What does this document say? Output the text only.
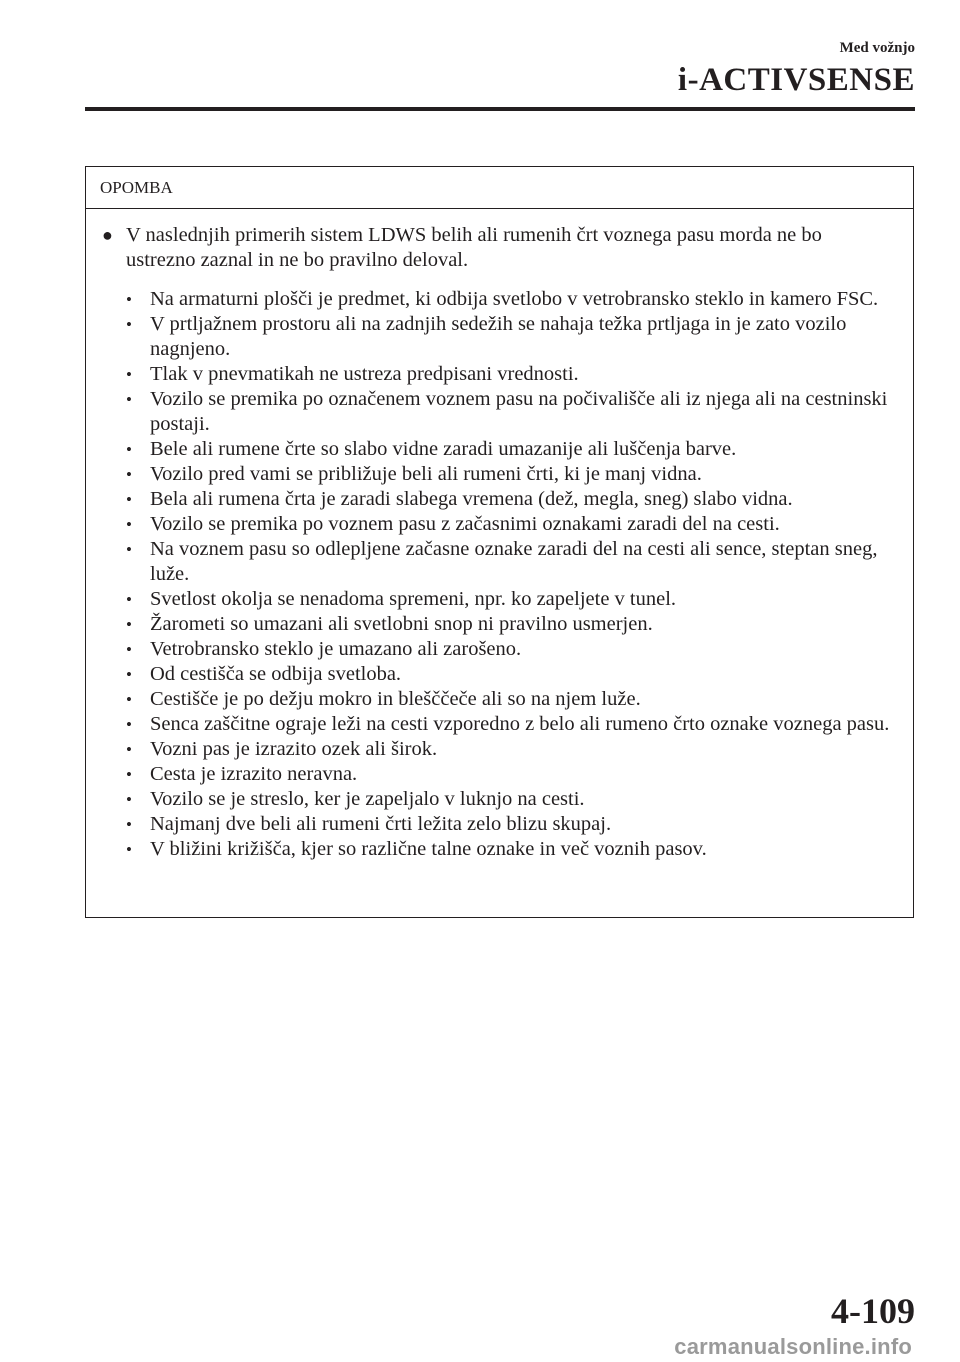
Med vožnjo
i-ACTIVSENSE
OPOMBA
● V naslednjih primerih sistem LDWS belih ali rumenih črt voznega pasu morda ne bo ustrezno zaznal in ne bo pravilno deloval.
• Na armaturni plošči je predmet, ki odbija svetlobo v vetrobransko steklo in kamero FSC.
• V prtljažnem prostoru ali na zadnjih sedežih se nahaja težka prtljaga in je zato vozilo nagnjeno.
• Tlak v pnevmatikah ne ustreza predpisani vrednosti.
• Vozilo se premika po označenem voznem pasu na počivališče ali iz njega ali na cestninski postaji.
• Bele ali rumene črte so slabo vidne zaradi umazanije ali luščenja barve.
• Vozilo pred vami se približuje beli ali rumeni črti, ki je manj vidna.
• Bela ali rumena črta je zaradi slabega vremena (dež, megla, sneg) slabo vidna.
• Vozilo se premika po voznem pasu z začasnimi oznakami zaradi del na cesti.
• Na voznem pasu so odlepljene začasne oznake zaradi del na cesti ali sence, steptan sneg, luže.
• Svetlost okolja se nenadoma spremeni, npr. ko zapeljete v tunel.
• Žarometi so umazani ali svetlobni snop ni pravilno usmerjen.
• Vetrobransko steklo je umazano ali zarošeno.
• Od cestišča se odbija svetloba.
• Cestišče je po dežju mokro in blešččeče ali so na njem luže.
• Senca zaščitne ograje leži na cesti vzporedno z belo ali rumeno črto oznake voznega pasu.
• Vozni pas je izrazito ozek ali širok.
• Cesta je izrazito neravna.
• Vozilo se je streslo, ker je zapeljalo v luknjo na cesti.
• Najmanj dve beli ali rumeni črti ležita zelo blizu skupaj.
• V bližini križišča, kjer so različne talne oznake in več voznih pasov.
4-109
carmanualsonline.info
